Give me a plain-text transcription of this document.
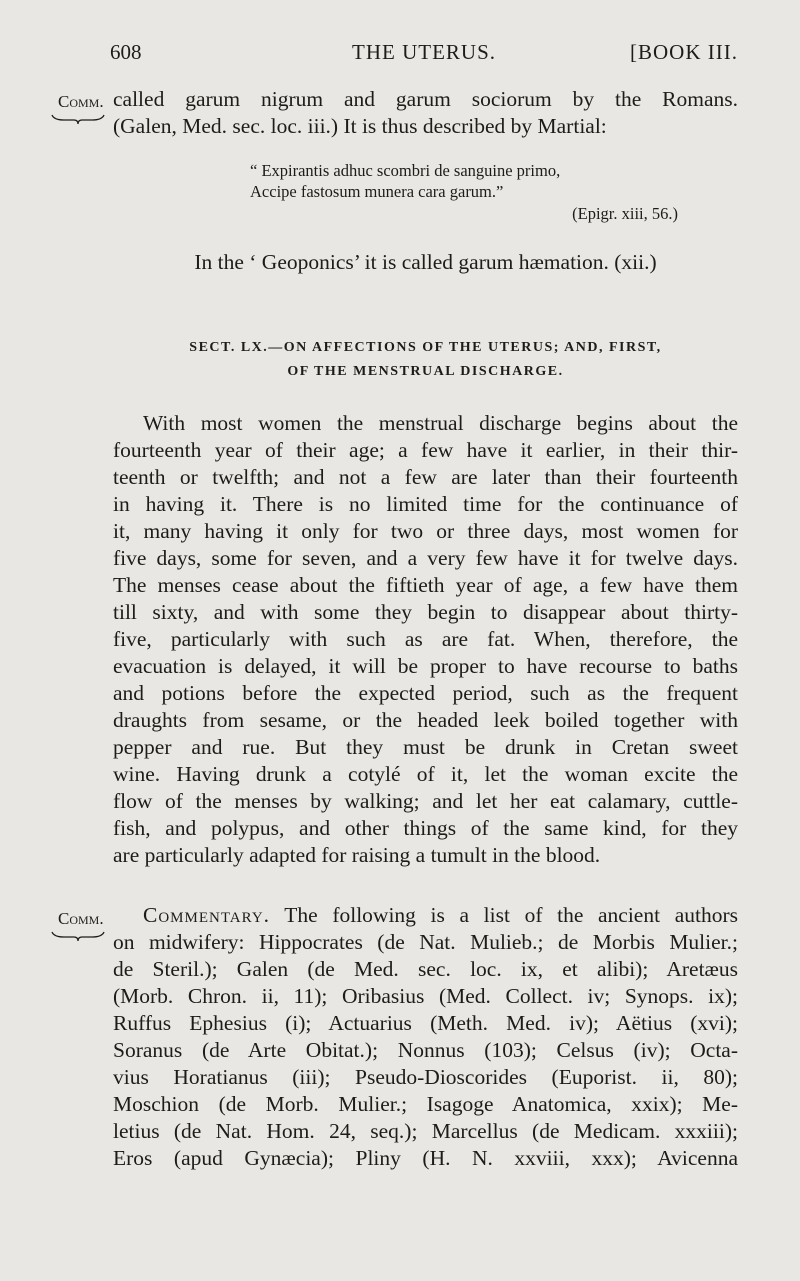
608	THE UTERUS.	[BOOK III.
Comm. called garum nigrum and garum sociorum by the Romans.
(Galen, Med. sec. loc. iii.) It is thus described by Martial:
“ Expirantis adhuc scombri de sanguine primo,
Accipe fastosum munera cara garum.”
(Epigr. xiii, 56.)
In the ‘ Geoponics’ it is called garum hæmation. (xii.)
SECT. LX.—ON AFFECTIONS OF THE UTERUS; AND, FIRST,
OF THE MENSTRUAL DISCHARGE.
With most women the menstrual discharge begins about the
fourteenth year of their age; a few have it earlier, in their thir-
teenth or twelfth; and not a few are later than their fourteenth
in having it. There is no limited time for the continuance of
it, many having it only for two or three days, most women for
five days, some for seven, and a very few have it for twelve days.
The menses cease about the fiftieth year of age, a few have them
till sixty, and with some they begin to disappear about thirty-
five, particularly with such as are fat. When, therefore, the
evacuation is delayed, it will be proper to have recourse to baths
and potions before the expected period, such as the frequent
draughts from sesame, or the headed leek boiled together with
pepper and rue. But they must be drunk in Cretan sweet
wine. Having drunk a cotylé of it, let the woman excite the
flow of the menses by walking; and let her eat calamary, cuttle-
fish, and polypus, and other things of the same kind, for they
are particularly adapted for raising a tumult in the blood.
Comm.	Commentary. The following is a list of the ancient authors
on midwifery: Hippocrates (de Nat. Mulieb.; de Morbis Mulier.;
de Steril.); Galen (de Med. sec. loc. ix, et alibi); Aretæus
(Morb. Chron. ii, 11); Oribasius (Med. Collect. iv; Synops. ix);
Ruffus Ephesius (i); Actuarius (Meth. Med. iv); Aëtius (xvi);
Soranus (de Arte Obitat.); Nonnus (103); Celsus (iv); Octa-
vius Horatianus (iii); Pseudo-Dioscorides (Euporist. ii, 80);
Moschion (de Morb. Mulier.; Isagoge Anatomica, xxix); Me-
letius (de Nat. Hom. 24, seq.); Marcellus (de Medicam. xxxiii);
Eros (apud Gynæcia); Pliny (H. N. xxviii, xxx); Avicenna
